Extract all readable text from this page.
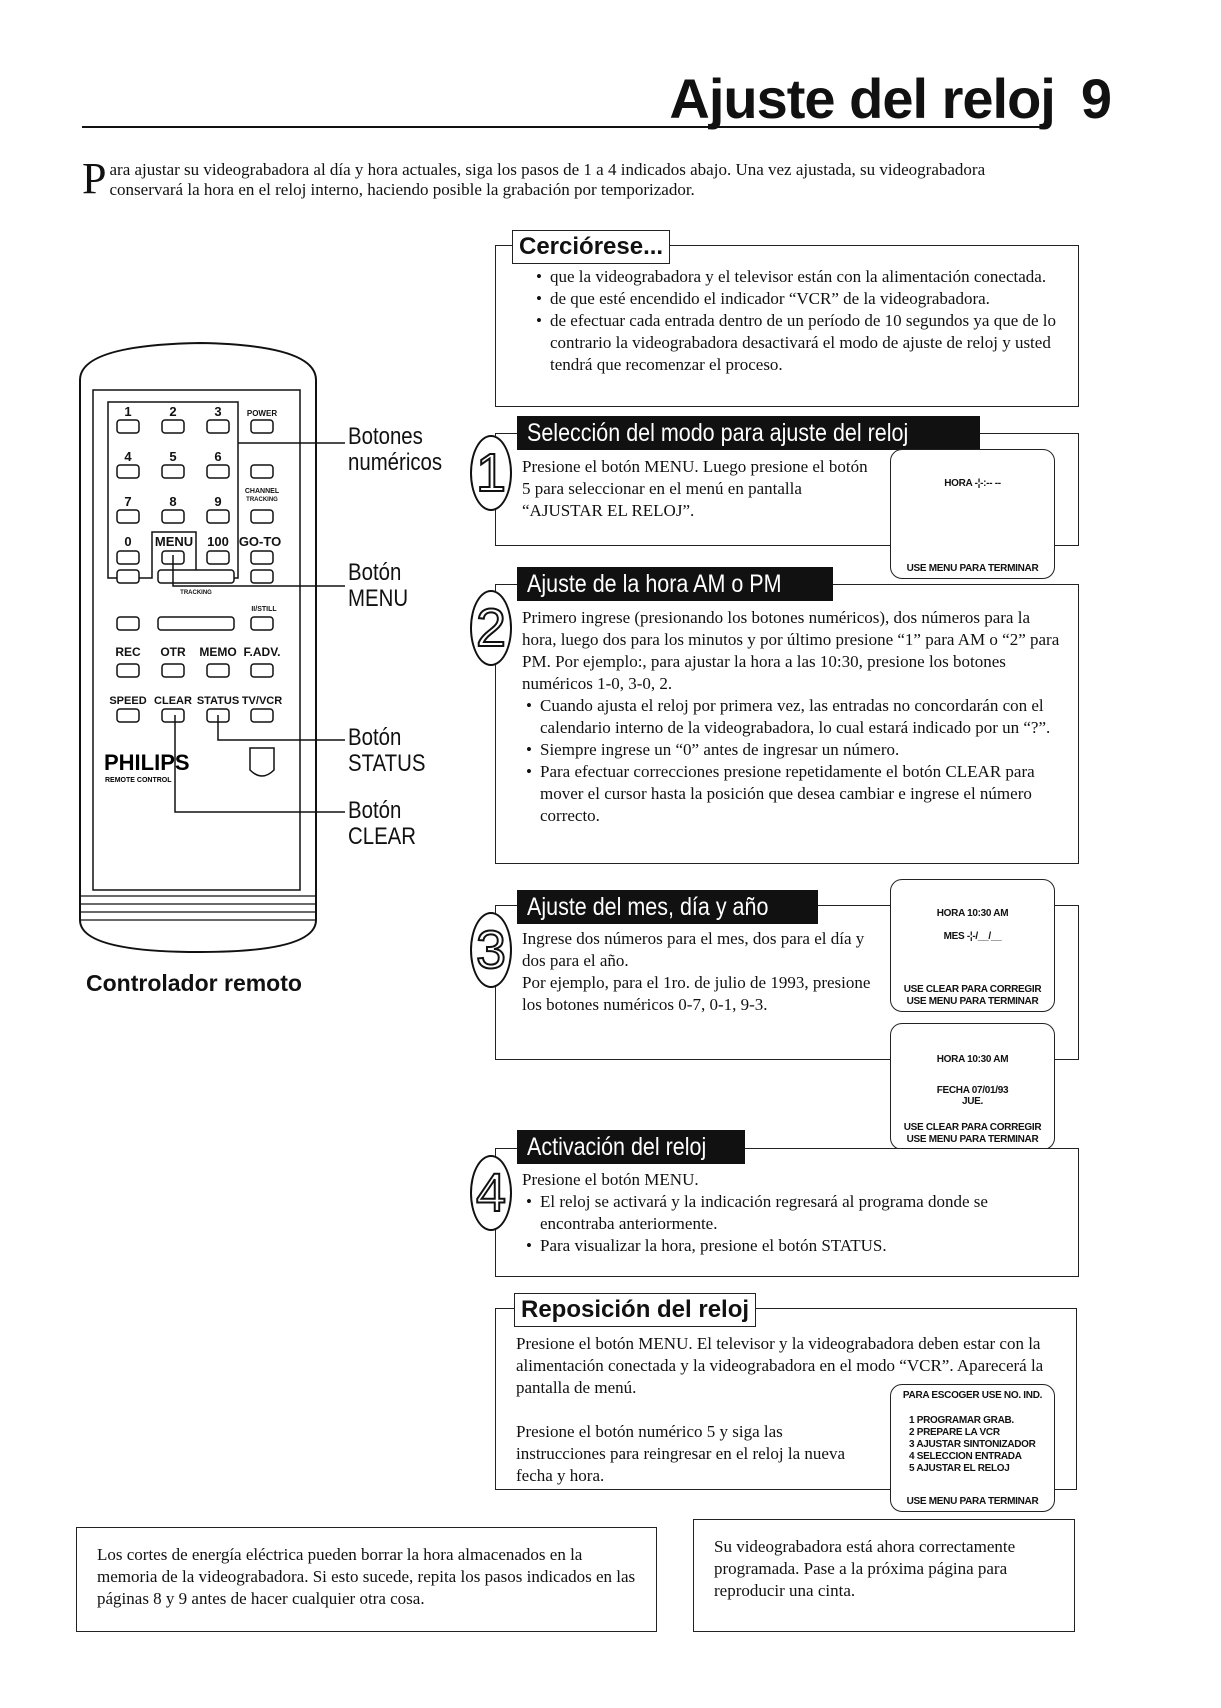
Ajuste del reloj 9
Para ajustar su videograbadora al día y hora actuales, siga los pasos de 1 a 4 indicados abajo. Una vez ajustada, su videograbadora conservará la hora en el reloj interno, haciendo posible la grabación por temporizador.
• que la videograbadora y el televisor están con la alimentación conectada.
• de que esté encendido el indicador “VCR” de la videograbadora.
• de efectuar cada entrada dentro de un período de 10 segundos ya que de lo contrario la videograbadora desactivará el modo de ajuste de reloj y usted tendrá que recomenzar el proceso.
Cerciórese...
1	2	3	POWER
4	5	6
CHANNEL
TRACKING
7	8	9
0 MENU 100 GO-TO
TRACKING
II/STILL
REC OTR MEMO F.ADV.
SPEED CLEAR STATUS TV/VCR
PHILIPS
REMOTE CONTROL
Controlador remoto
Botones
numéricos
Botón
MENU
Botón
STATUS
Botón
CLEAR
Presione el botón MENU. Luego presione el botón 5 para seleccionar en el menú en pantalla “AJUSTAR EL RELOJ”.
Selección del modo para ajuste del reloj
1	HORA -¦-:-- --
USE MENU PARA TERMINAR
Primero ingrese (presionando los botones numéricos), dos números para la hora, luego dos para los minutos y por último presione “1” para AM o “2” para PM. Por ejemplo:, para ajustar la hora a las 10:30, presione los botones numéricos 1-0, 3-0, 2.
• Cuando ajusta el reloj por primera vez, las entradas no concordarán con el calendario interno de la videograbadora, lo cual estará indicado por un “?”.
• Siempre ingrese un “0” antes de ingresar un número.
• Para efectuar correcciones presione repetidamente el botón CLEAR para mover el cursor hasta la posición que desea cambiar e ingrese el número correcto.
Ajuste de la hora AM o PM
2
Ingrese dos números para el mes, dos para el día y dos para el año.
Por ejemplo, para el 1ro. de julio de 1993, presione los botones numéricos 0-7, 0-1, 9-3.
Ajuste del mes, día y año
3
HORA 10:30 AM
MES -¦-/__/__
USE CLEAR PARA CORREGIR
USE MENU PARA TERMINAR
HORA 10:30 AM
FECHA 07/01/93
JUE.
USE CLEAR PARA CORREGIR
USE MENU PARA TERMINAR
Presione el botón MENU.
• El reloj se activará y la indicación regresará al programa donde se encontraba anteriormente.
• Para visualizar la hora, presione el botón STATUS.
Activación del reloj
4
Presione el botón MENU. El televisor y la videograbadora deben estar con la alimentación conectada y la videograbadora en el modo “VCR”. Aparecerá la pantalla de menú.
Presione el botón numérico 5 y siga las instrucciones para reingresar en el reloj la nueva fecha y hora.
Reposición del reloj
PARA ESCOGER USE NO. IND.
1 PROGRAMAR GRAB.
2 PREPARE LA VCR
3 AJUSTAR SINTONIZADOR
4 SELECCION ENTRADA
5 AJUSTAR EL RELOJ
USE MENU PARA TERMINAR
Los cortes de energía eléctrica pueden borrar la hora almacenados en la memoria de la videograbadora. Si esto sucede, repita los pasos indicados en las páginas 8 y 9 antes de hacer cualquier otra cosa.
Su videograbadora está ahora correctamente programada. Pase a la próxima página para reproducir una cinta.
